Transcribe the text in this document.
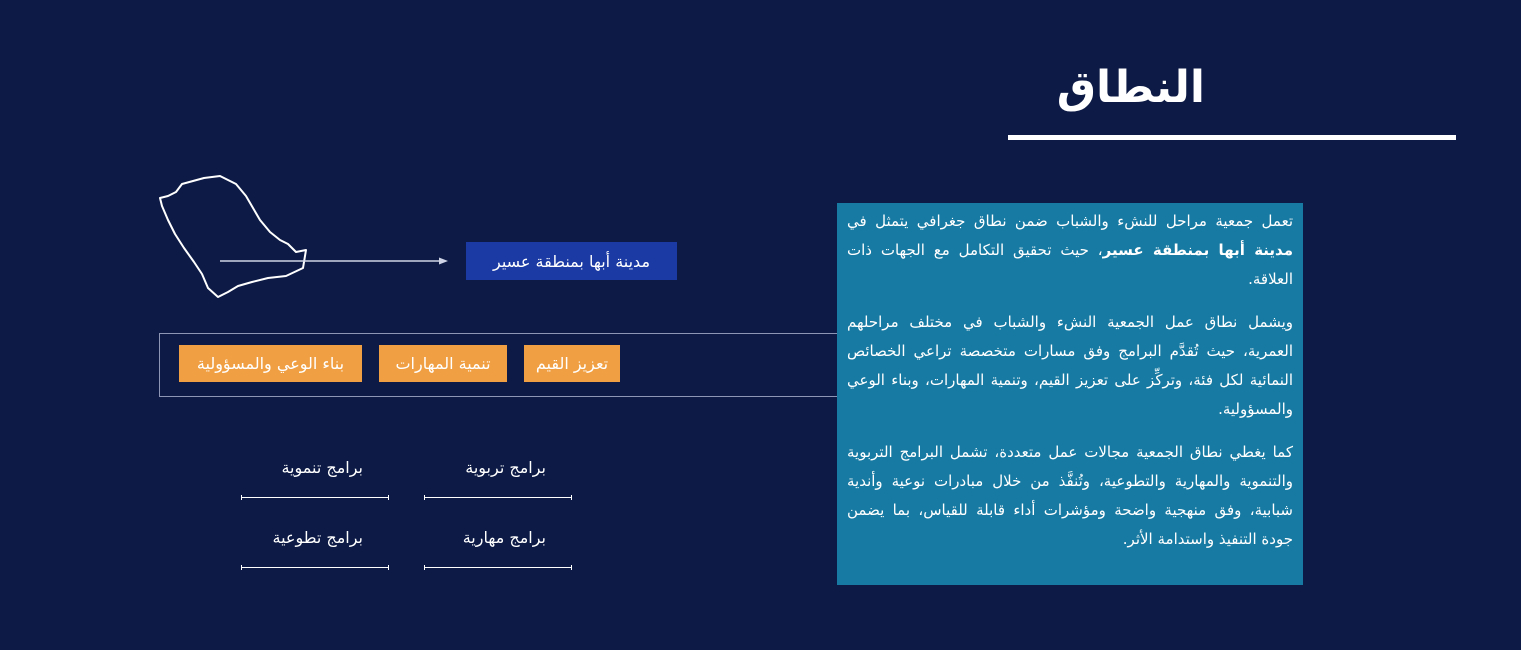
النطاق
مدينة أبها بمنطقة عسير
تعزيز القيم
تنمية المهارات
بناء الوعي والمسؤولية

تعمل جمعية مراحل للنشء والشباب ضمن نطاق جغرافي يتمثل في مدينة أبها بمنطقة عسير، حيث تحقيق التكامل مع الجهات ذات العلاقة.

ويشمل نطاق عمل الجمعية النشء والشباب في مختلف مراحلهم العمرية، حيث تُقدَّم البرامج وفق مسارات متخصصة تراعي الخصائص النمائية لكل فئة، وتركِّز على تعزيز القيم، وتنمية المهارات، وبناء الوعي والمسؤولية.

كما يغطي نطاق الجمعية مجالات عمل متعددة، تشمل البرامج التربوية والتنموية والمهارية والتطوعية، وتُنفَّذ من خلال مبادرات نوعية وأندية شبابية، وفق منهجية واضحة ومؤشرات أداء قابلة للقياس، بما يضمن جودة التنفيذ واستدامة الأثر.

برامج تربوية
برامج تنموية
برامج مهارية
برامج تطوعية
